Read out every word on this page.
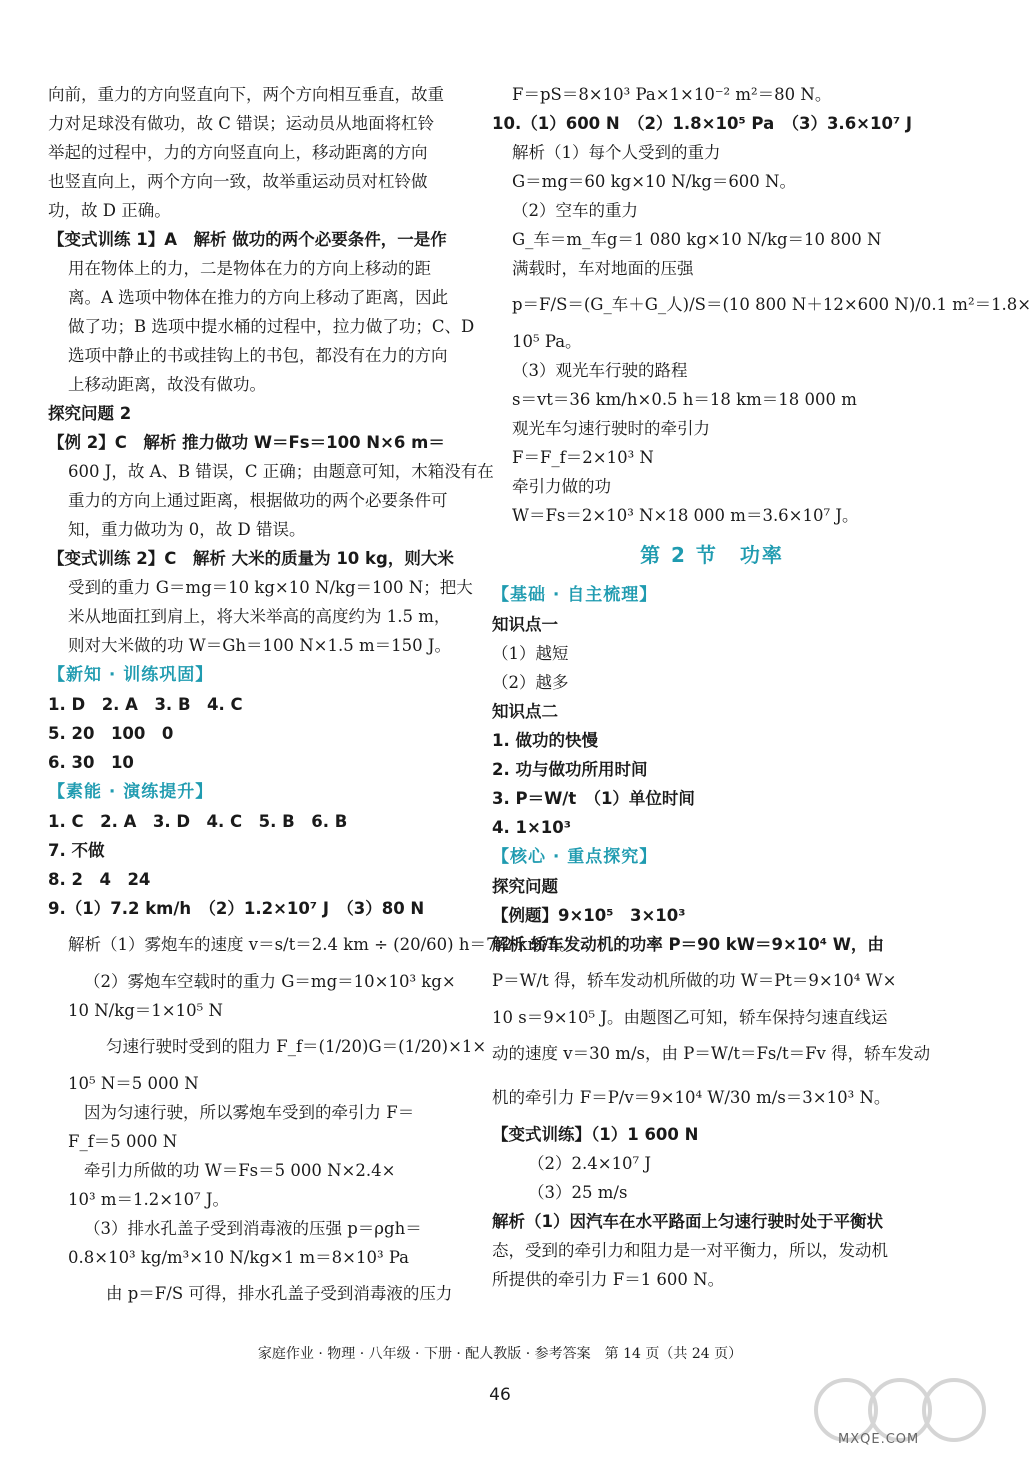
向前，重力的方向竖直向下，两个方向相互垂直，故重
力对足球没有做功，故 C 错误；运动员从地面将杠铃
举起的过程中，力的方向竖直向上，移动距离的方向
也竖直向上，两个方向一致，故举重运动员对杠铃做
功，故 D 正确。
【变式训练 1】A　解析 做功的两个必要条件，一是作
用在物体上的力，二是物体在力的方向上移动的距
离。A 选项中物体在推力的方向上移动了距离，因此
做了功；B 选项中提水桶的过程中，拉力做了功；C、D
选项中静止的书或挂钩上的书包，都没有在力的方向
上移动距离，故没有做功。
探究问题 2
【例 2】C　解析 推力做功 W＝Fs＝100 N×6 m＝
600 J，故 A、B 错误，C 正确；由题意可知，木箱没有在
重力的方向上通过距离，根据做功的两个必要条件可
知，重力做功为 0，故 D 错误。
【变式训练 2】C　解析 大米的质量为 10 kg，则大米
受到的重力 G＝mg＝10 kg×10 N/kg＝100 N；把大
米从地面扛到肩上，将大米举高的高度约为 1.5 m，
则对大米做的功 W＝Gh＝100 N×1.5 m＝150 J。
【新知 · 训练巩固】
1. D　2. A　3. B　4. C
5. 20　100　0
6. 30　10
【素能 · 演练提升】
1. C　2. A　3. D　4. C　5. B　6. B
7. 不做
8. 2　4　24
9.（1）7.2 km/h　（2）1.2×10⁷ J　（3）80 N
解析（1）雾炮车的速度 v＝s/t＝2.4 km ÷ (20/60) h＝7.2 km/h。
（2）雾炮车空载时的重力 G＝mg＝10×10³ kg×
10 N/kg＝1×10⁵ N
匀速行驶时受到的阻力 F_f＝(1/20)G＝(1/20)×1×
10⁵ N＝5 000 N
因为匀速行驶，所以雾炮车受到的牵引力 F＝
F_f＝5 000 N
牵引力所做的功 W＝Fs＝5 000 N×2.4×
10³ m＝1.2×10⁷ J。
（3）排水孔盖子受到消毒液的压强 p＝ρgh＝
0.8×10³ kg/m³×10 N/kg×1 m＝8×10³ Pa
由 p＝F/S 可得，排水孔盖子受到消毒液的压力
F＝pS＝8×10³ Pa×1×10⁻² m²＝80 N。
10.（1）600 N　（2）1.8×10⁵ Pa　（3）3.6×10⁷ J
解析（1）每个人受到的重力
G＝mg＝60 kg×10 N/kg＝600 N。
（2）空车的重力
G_车＝m_车g＝1 080 kg×10 N/kg＝10 800 N
满载时，车对地面的压强
p＝F/S＝(G_车＋G_人)/S＝(10 800 N＋12×600 N)/0.1 m²＝1.8×
10⁵ Pa。
（3）观光车行驶的路程
s＝vt＝36 km/h×0.5 h＝18 km＝18 000 m
观光车匀速行驶时的牵引力
F＝F_f＝2×10³ N
牵引力做的功
W＝Fs＝2×10³ N×18 000 m＝3.6×10⁷ J。
第 2 节　功率
【基础 · 自主梳理】
知识点一
（1）越短
（2）越多
知识点二
1. 做功的快慢
2. 功与做功所用时间
3. P＝W/t　（1）单位时间
4. 1×10³
【核心 · 重点探究】
探究问题
【例题】9×10⁵　3×10³
解析 轿车发动机的功率 P＝90 kW＝9×10⁴ W，由
P＝W/t 得，轿车发动机所做的功 W＝Pt＝9×10⁴ W×
10 s＝9×10⁵ J。由题图乙可知，轿车保持匀速直线运
动的速度 v＝30 m/s，由 P＝W/t＝Fs/t＝Fv 得，轿车发动
机的牵引力 F＝P/v＝9×10⁴ W/30 m/s＝3×10³ N。
【变式训练】（1）1 600 N
（2）2.4×10⁷ J
（3）25 m/s
解析（1）因汽车在水平路面上匀速行驶时处于平衡状
态，受到的牵引力和阻力是一对平衡力，所以，发动机
所提供的牵引力 F＝1 600 N。
家庭作业 · 物理 · 八年级 · 下册 · 配人教版 · 参考答案　第 14 页（共 24 页）
46
MXQE.COM
